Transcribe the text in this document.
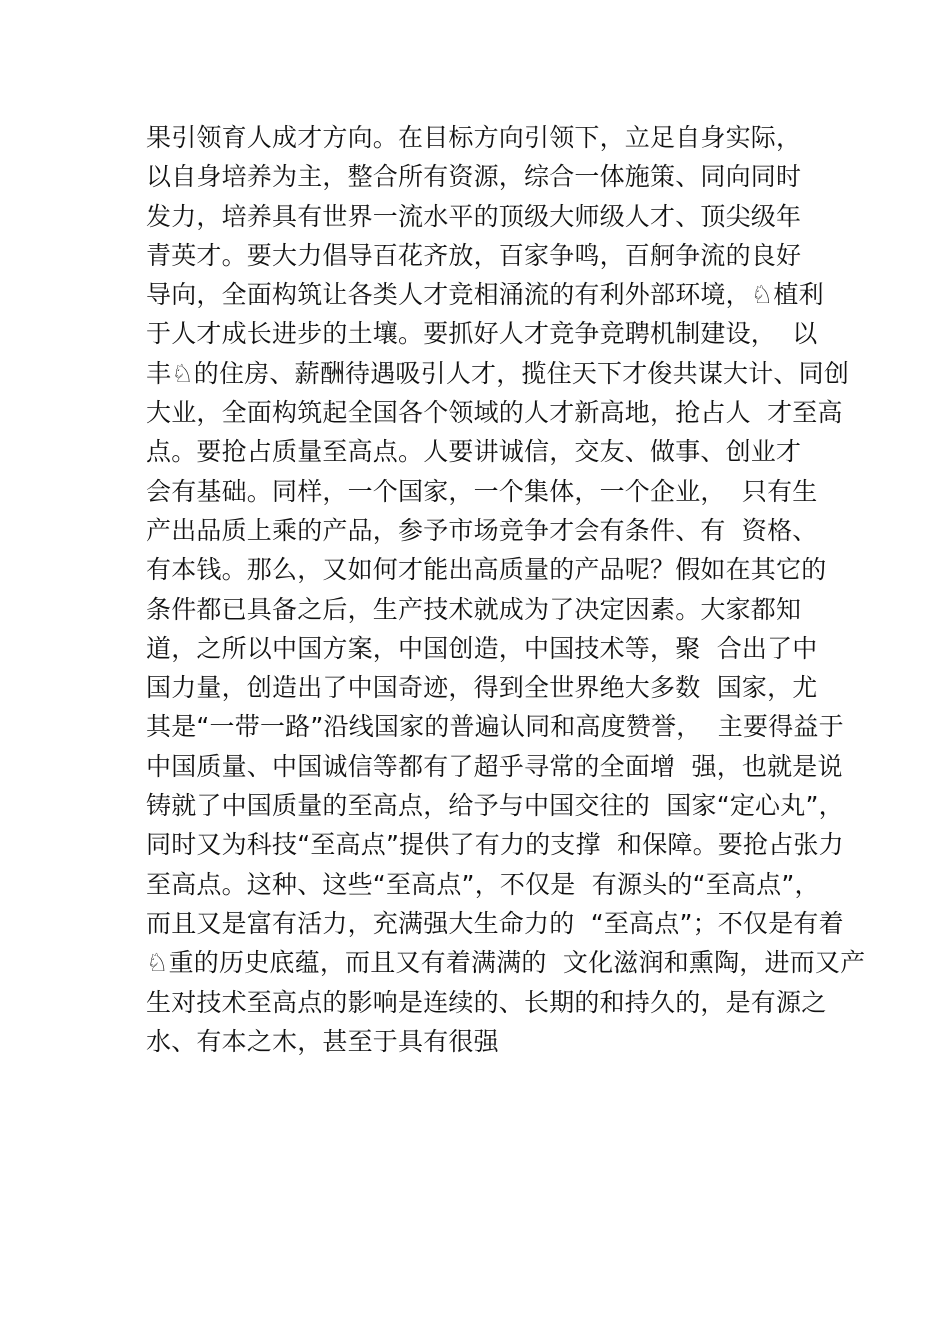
果引领育人成才方向。在目标方向引领下，立足自身实际，
以自身培养为主，整合所有资源，综合一体施策、同向同时
发力，培养具有世界一流水平的顶级大师级人才、顶尖级年
青英才。要大力倡导百花齐放，百家争鸣，百舸争流的良好
导向，全面构筑让各类人才竞相涌流的有利外部环境，♘植利
于人才成长进步的土壤。要抓好人才竞争竞聘机制建设，  以
丰♘的住房、薪酬待遇吸引人才，揽住天下才俊共谋大计、同创
大业，全面构筑起全国各个领域的人才新高地，抢占人  才至高
点。要抢占质量至高点。人要讲诚信，交友、做事、创业才
会有基础。同样，一个国家，一个集体，一个企业，  只有生
产出品质上乘的产品，参予市场竞争才会有条件、有  资格、
有本钱。那么，又如何才能出高质量的产品呢？假如在其它的
条件都已具备之后，生产技术就成为了决定因素。大家都知
道，之所以中国方案，中国创造，中国技术等，聚  合出了中
国力量，创造出了中国奇迹，得到全世界绝大多数  国家，尤
其是“一带一路”沿线国家的普遍认同和高度赞誉，  主要得益于
中国质量、中国诚信等都有了超乎寻常的全面增  强，也就是说
铸就了中国质量的至高点，给予与中国交往的  国家“定心丸”，
同时又为科技“至高点”提供了有力的支撑  和保障。要抢占张力
至高点。这种、这些“至高点”，不仅是  有源头的“至高点”，
而且又是富有活力，充满强大生命力的  “至高点”；不仅是有着
♘重的历史底蕴，而且又有着满满的  文化滋润和熏陶，进而又产
生对技术至高点的影响是连续的、长期的和持久的，是有源之
水、有本之木，甚至于具有很强
